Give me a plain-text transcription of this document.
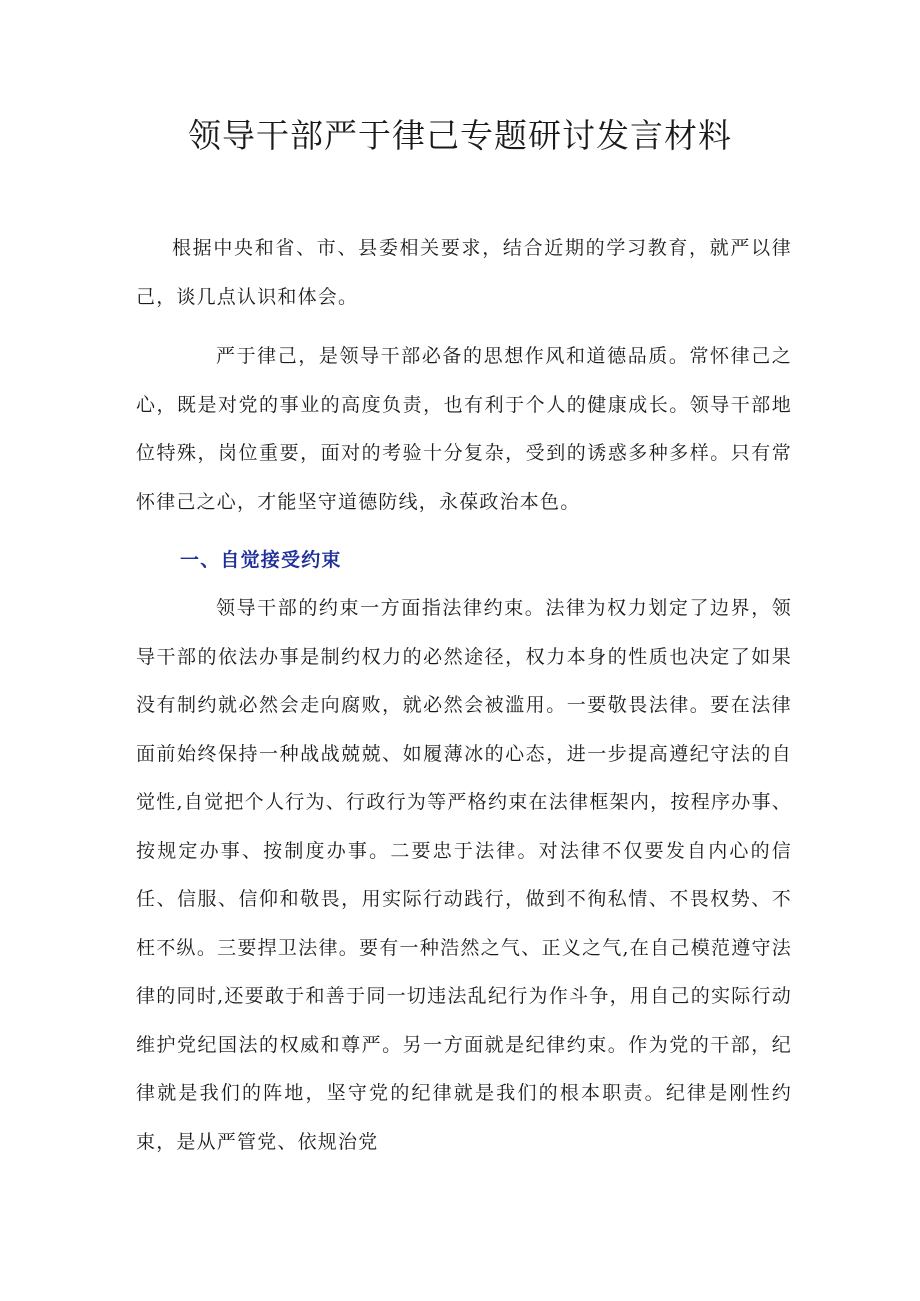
领导干部严于律己专题研讨发言材料

根据中央和省、市、县委相关要求，结合近期的学习教育，就严以律己，谈几点认识和体会。

严于律己，是领导干部必备的思想作风和道德品质。常怀律己之心，既是对党的事业的高度负责，也有利于个人的健康成长。领导干部地位特殊，岗位重要，面对的考验十分复杂，受到的诱惑多种多样。只有常怀律己之心，才能坚守道德防线，永葆政治本色。

一、自觉接受约束

领导干部的约束一方面指法律约束。法律为权力划定了边界，领导干部的依法办事是制约权力的必然途径，权力本身的性质也决定了如果没有制约就必然会走向腐败，就必然会被滥用。一要敬畏法律。要在法律面前始终保持一种战战兢兢、如履薄冰的心态，进一步提高遵纪守法的自觉性,自觉把个人行为、行政行为等严格约束在法律框架内，按程序办事、按规定办事、按制度办事。二要忠于法律。对法律不仅要发自内心的信任、信服、信仰和敬畏，用实际行动践行，做到不徇私情、不畏权势、不枉不纵。三要捍卫法律。要有一种浩然之气、正义之气,在自己模范遵守法律的同时,还要敢于和善于同一切违法乱纪行为作斗争，用自己的实际行动维护党纪国法的权威和尊严。另一方面就是纪律约束。作为党的干部，纪律就是我们的阵地，坚守党的纪律就是我们的根本职责。纪律是刚性约束，是从严管党、依规治党
